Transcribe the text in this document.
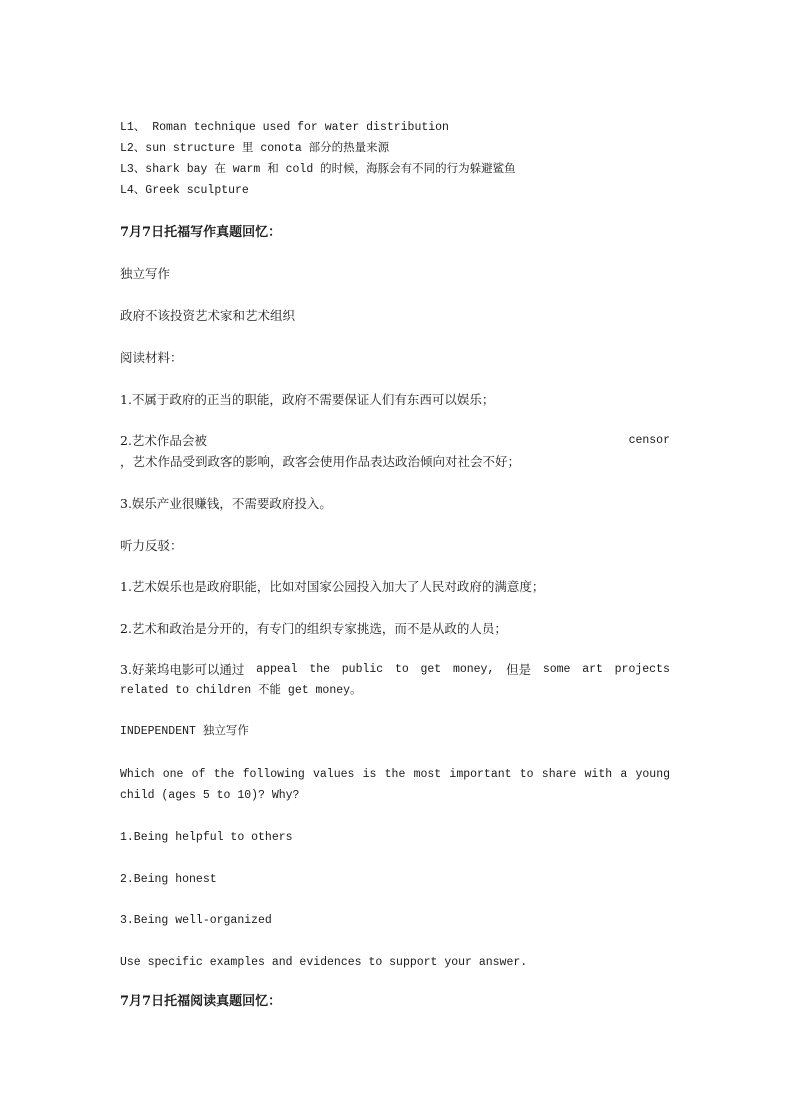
L1、 Roman technique used for water distribution
L2、sun structure 里 conota 部分的热量来源
L3、shark bay 在 warm 和 cold 的时候，海豚会有不同的行为躲避鲨鱼
L4、Greek sculpture
7月7日托福写作真题回忆：
独立写作
政府不该投资艺术家和艺术组织
阅读材料：
1.不属于政府的正当的职能，政府不需要保证人们有东西可以娱乐；
2.艺术作品会被	censor
，艺术作品受到政客的影响，政客会使用作品表达政治倾向对社会不好；
3.娱乐产业很赚钱，不需要政府投入。
听力反驳：
1.艺术娱乐也是政府职能，比如对国家公园投入加大了人民对政府的满意度；
2.艺术和政治是分开的，有专门的组织专家挑选，而不是从政的人员；
3.好莱坞电影可以通过 appeal the public to get money, 但是 some art projects
related to children 不能 get money。
INDEPENDENT 独立写作
Which one of the following values is the most important to share with a young
child (ages 5 to 10)? Why?
1.Being helpful to others
2.Being honest
3.Being well-organized
Use specific examples and evidences to support your answer.
7月7日托福阅读真题回忆：
